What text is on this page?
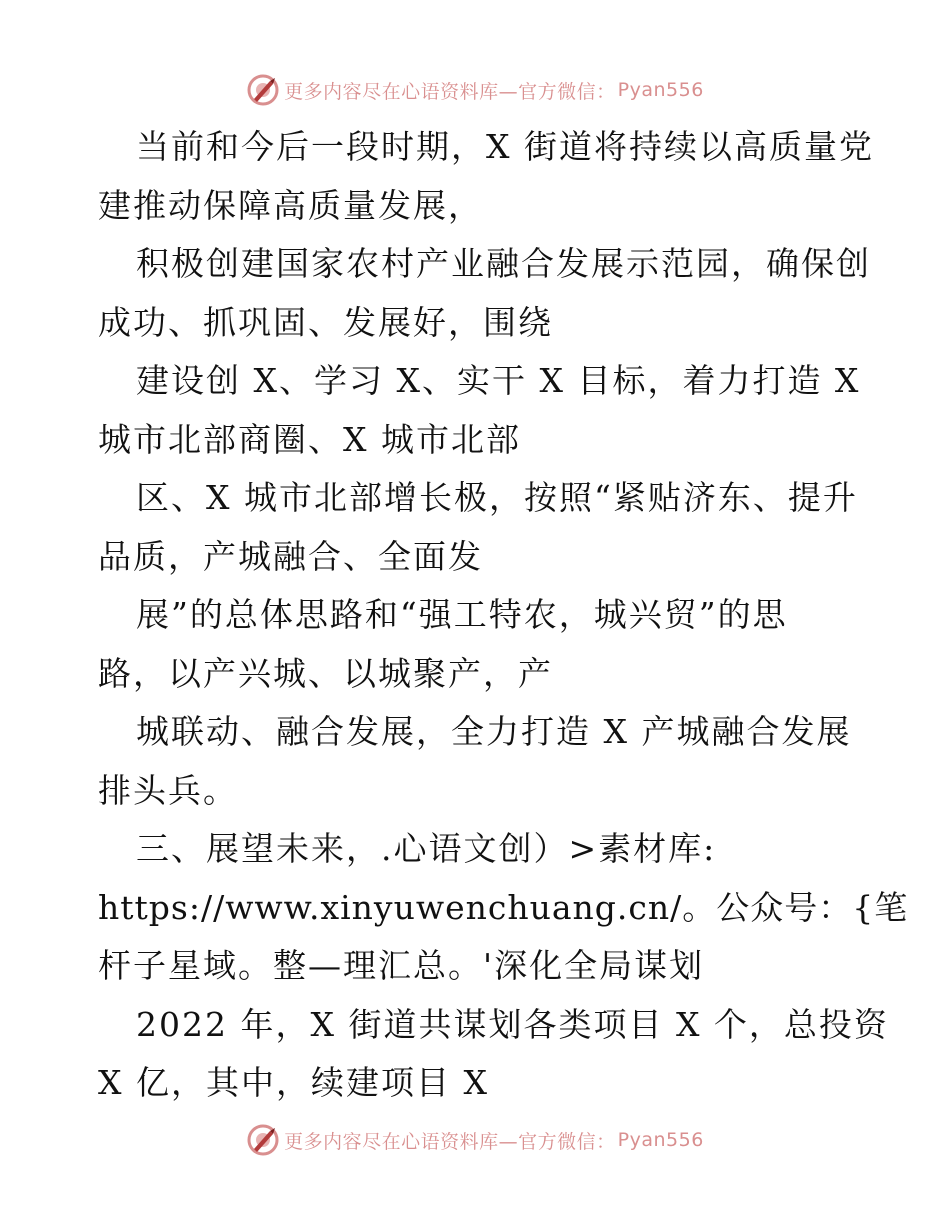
更多内容尽在心语资料库—官方微信： Pyan556
当前和今后一段时期，X 街道将持续以高质量党
建推动保障高质量发展，
积极创建国家农村产业融合发展示范园，确保创
成功、抓巩固、发展好，围绕
建设创 X、学习 X、实干 X 目标，着力打造 X
城市北部商圈、X 城市北部
区、X 城市北部增长极，按照“紧贴济东、提升
品质，产城融合、全面发
展”的总体思路和“强工特农，城兴贸”的思
路，以产兴城、以城聚产，产
城联动、融合发展，全力打造 X 产城融合发展
排头兵。
三、展望未来，.心语文创）>素材库:
https://www.xinyuwenchuang.cn/。公众号：{笔
杆子星域。整—理汇总。'深化全局谋划
2022 年，X 街道共谋划各类项目 X 个，总投资
X 亿，其中，续建项目 X
更多内容尽在心语资料库—官方微信： Pyan556
